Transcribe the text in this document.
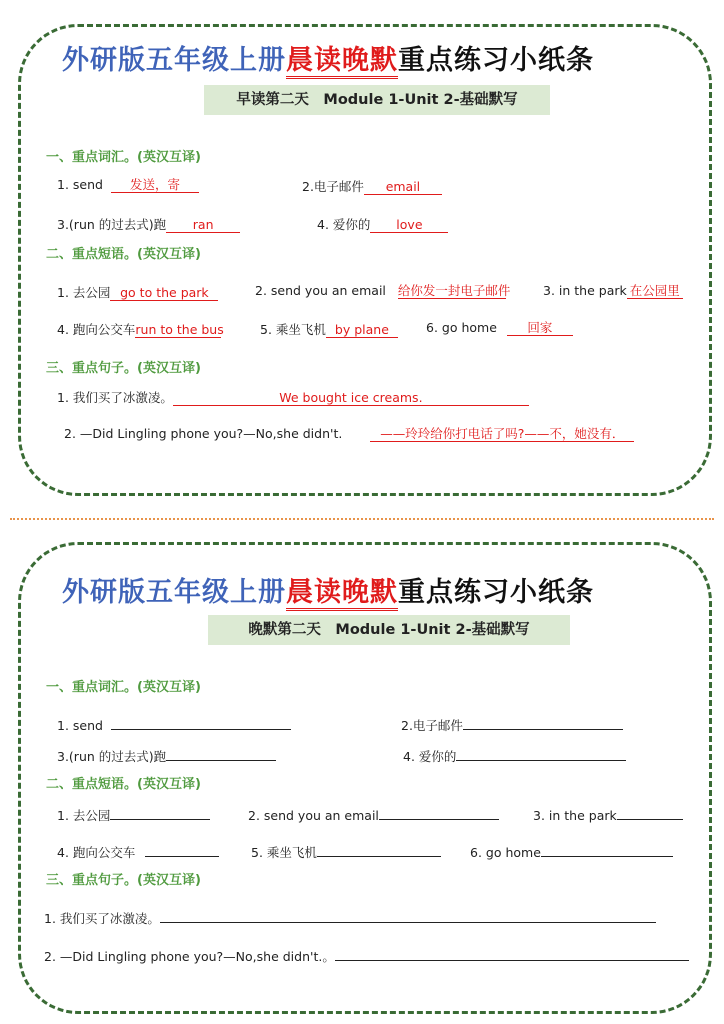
外研版五年级上册晨读晚默重点练习小纸条
早读第二天　Module 1-Unit 2-基础默写
一、重点词汇。(英汉互译)
1. send 发送，寄	2.电子邮件 email
3.(run 的过去式)跑 ran	4. 爱你的 love
二、重点短语。(英汉互译)
1. 去公园 go to the park	2. send you an email 给你发一封电子邮件	3. in the park 在公园里
4. 跑向公交车run to the bus	5. 乘坐飞机 by plane	6. go home 回家
三、重点句子。(英汉互译)
1. 我们买了冰激凌。	We bought ice creams.
2. —Did Lingling phone you?—No,she didn't.	——玲玲给你打电话了吗?——不，她没有．
外研版五年级上册晨读晚默重点练习小纸条
晚默第二天　Module 1-Unit 2-基础默写
一、重点词汇。(英汉互译)
1. send	2.电子邮件
3.(run 的过去式)跑	4. 爱你的
二、重点短语。(英汉互译)
1. 去公园	2. send you an email	3. in the park
4. 跑向公交车	5. 乘坐飞机	6. go home
三、重点句子。(英汉互译)
1. 我们买了冰激凌。
2. —Did Lingling phone you?—No,she didn't.。
